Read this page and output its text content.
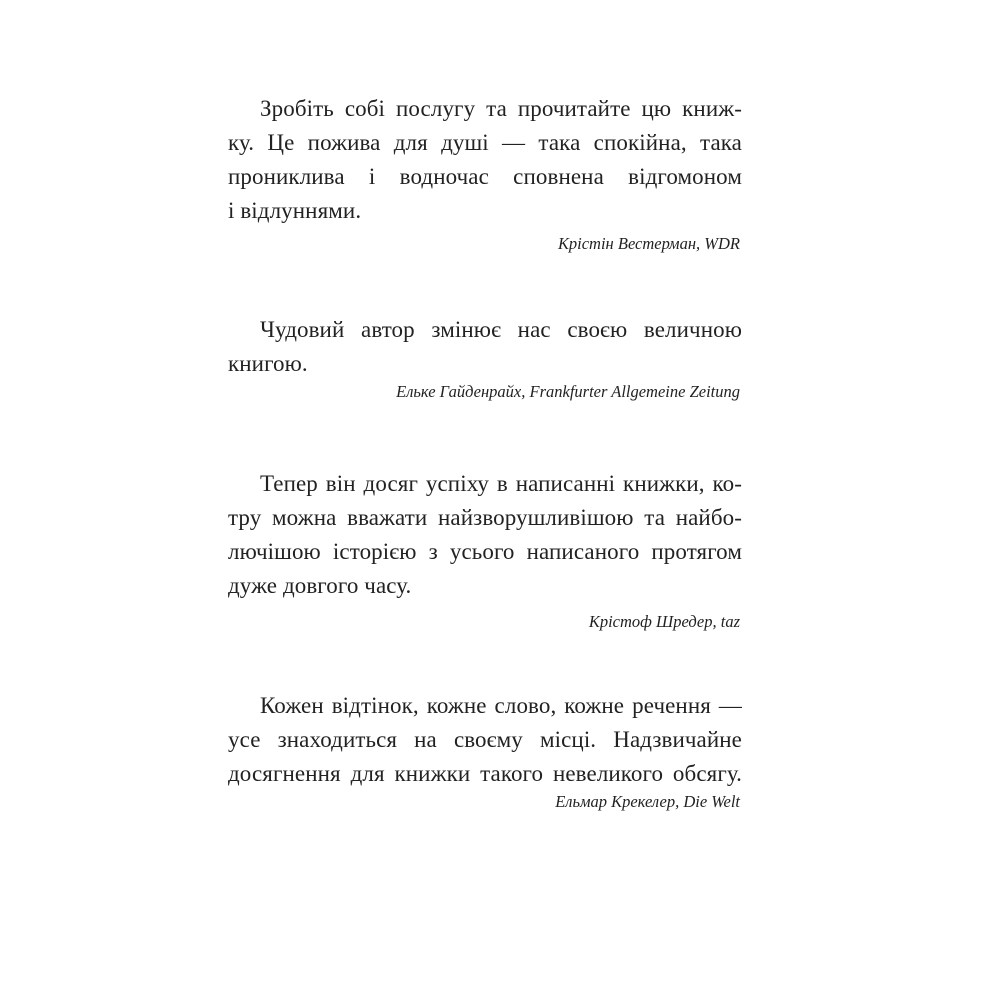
Зробіть собі послугу та прочитайте цю книж-
ку. Це пожива для душі — така спокійна, така
прониклива і водночас сповнена відгомоном
і відлуннями.

Крістін Вестерман, WDR

Чудовий автор змінює нас своєю величною
книгою.

Ельке Гайденрайх, Frankfurter Allgemeine Zeitung

Тепер він досяг успіху в написанні книжки, ко-
тру можна вважати найзворушливішою та найбо-
лючішою історією з усього написаного протягом
дуже довгого часу.

Крістоф Шредер, taz

Кожен відтінок, кожне слово, кожне речення —
усе знаходиться на своєму місці. Надзвичайне
досягнення для книжки такого невеликого обсягу.

Ельмар Крекелер, Die Welt
